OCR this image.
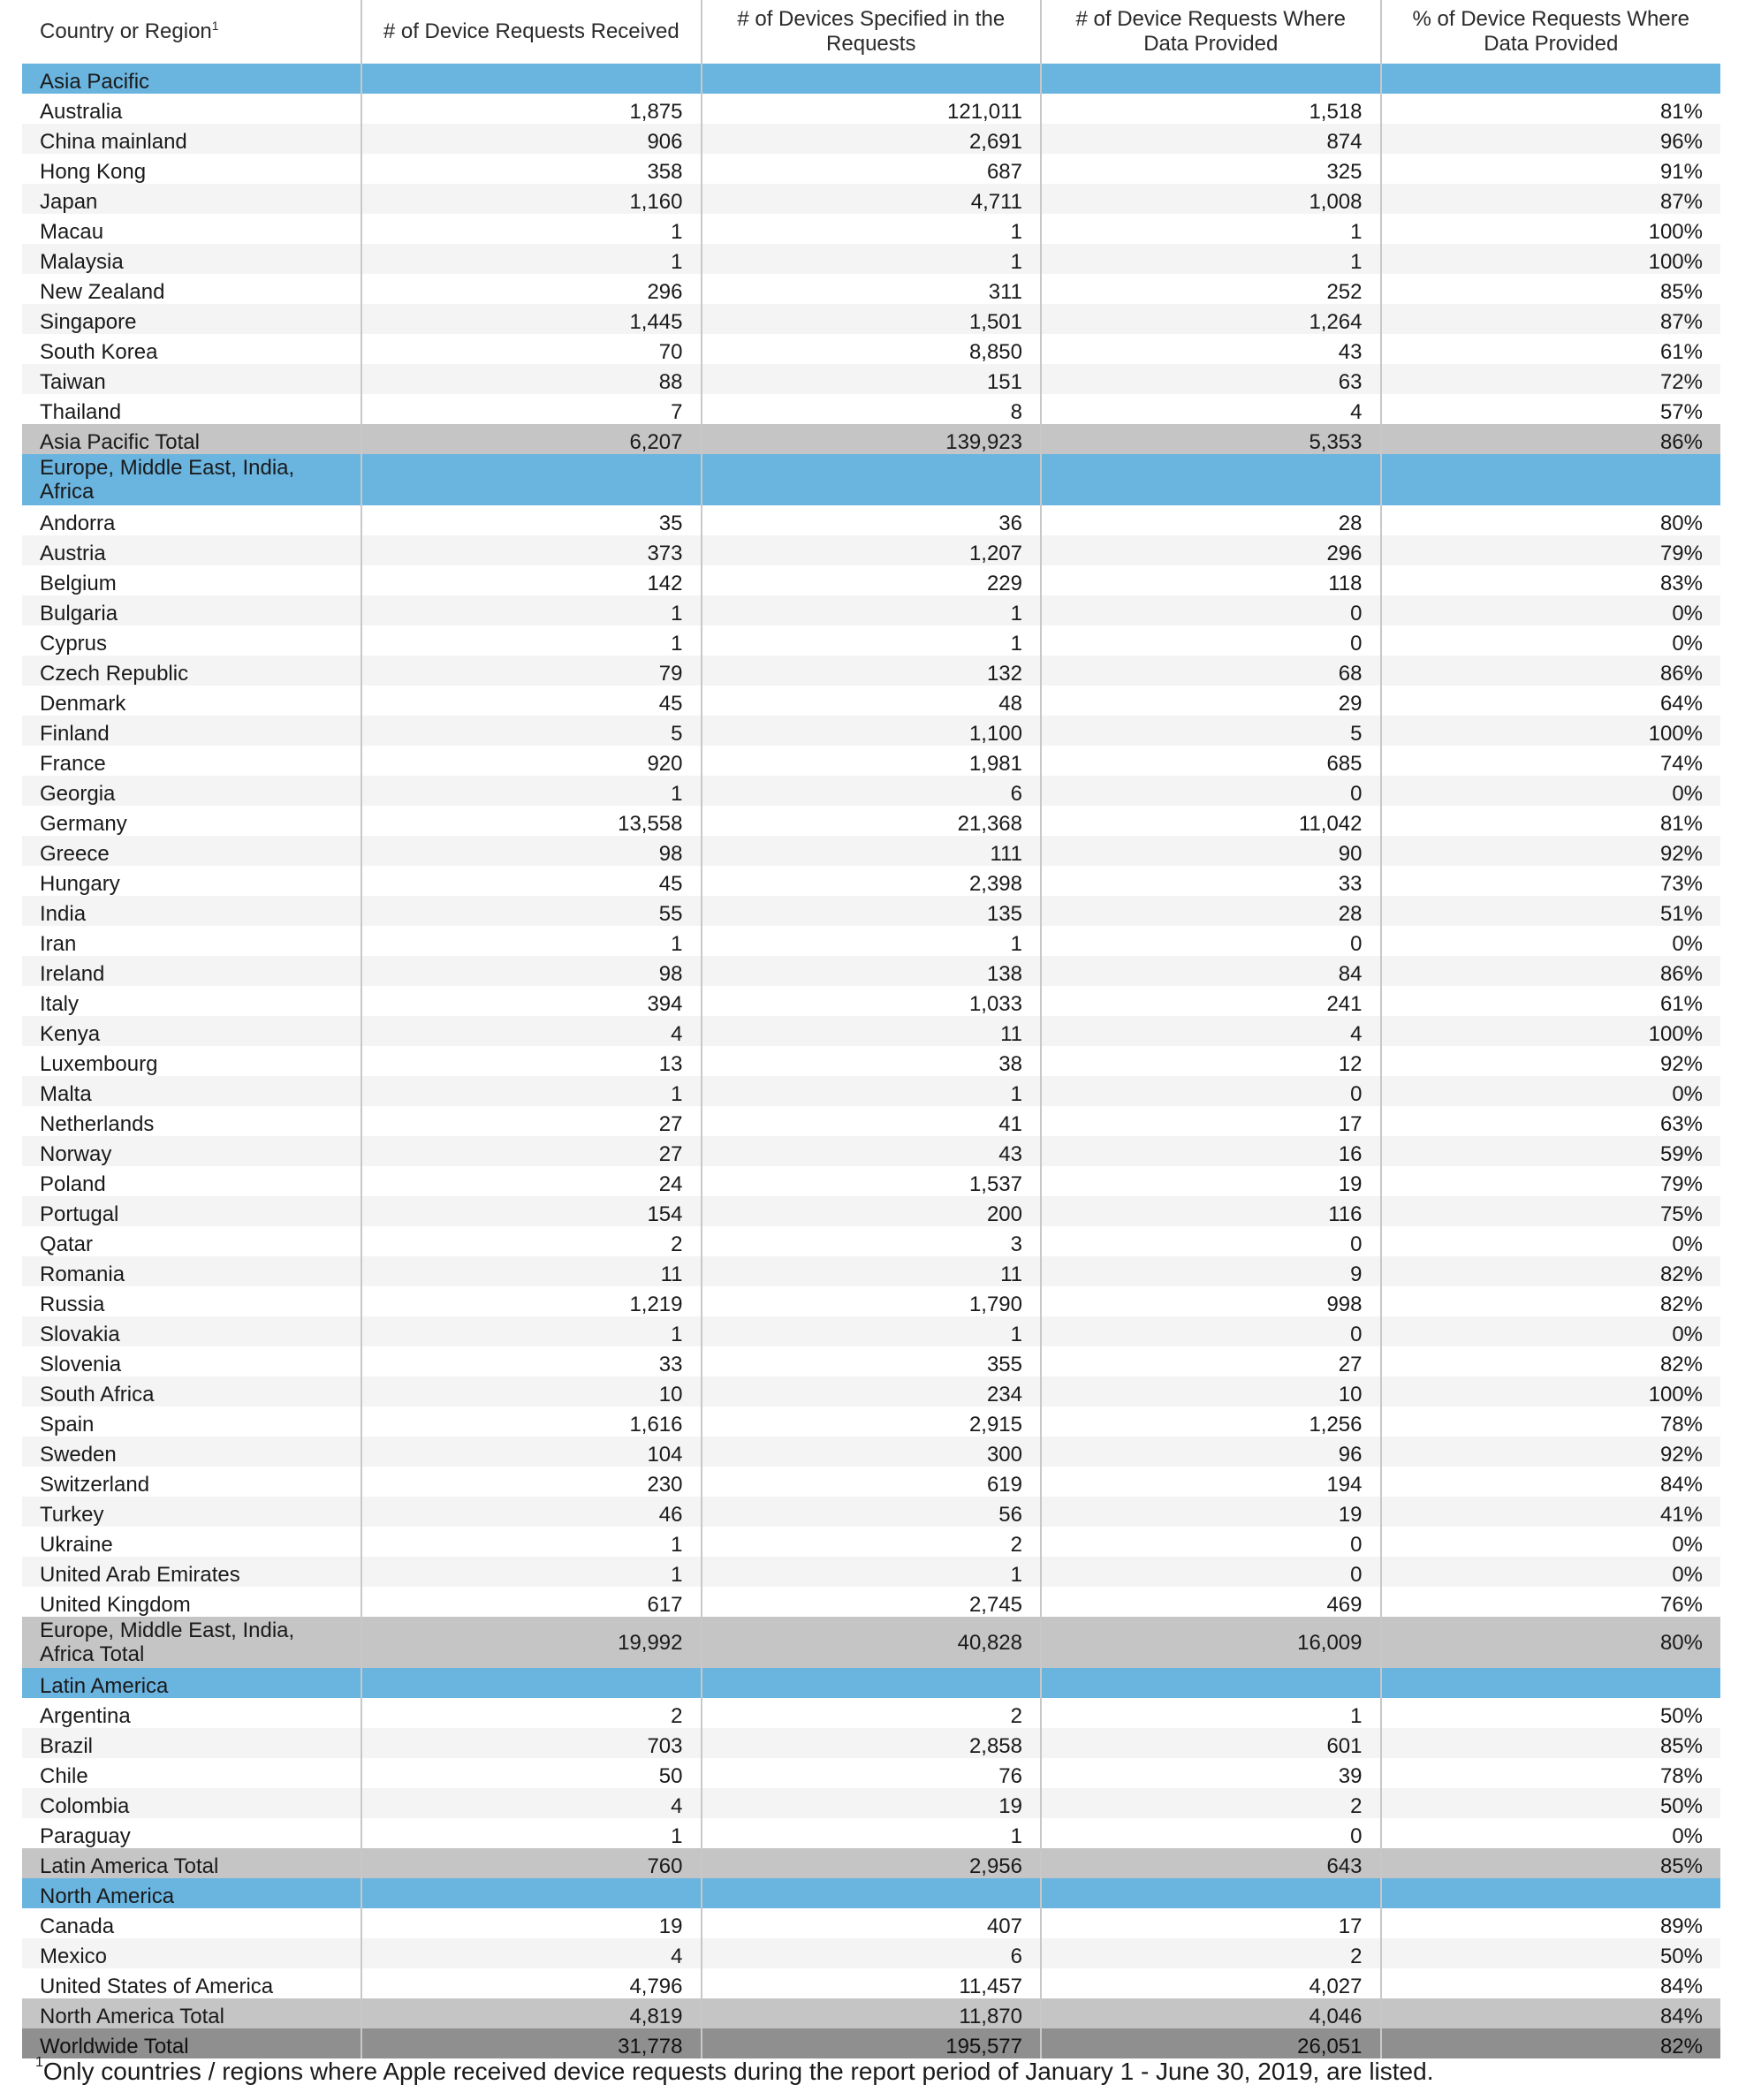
Country or Region$^1$	# of Device Requests Received	# of Devices Specified in the Requests	# of Device Requests Where Data Provided	% of Device Requests Where Data Provided
Asia Pacific				
Australia	1,875	121,011	1,518	81%
China mainland	906	2,691	874	96%
Hong Kong	358	687	325	91%
Japan	1,160	4,711	1,008	87%
Macau	1	1	1	100%
Malaysia	1	1	1	100%
New Zealand	296	311	252	85%
Singapore	1,445	1,501	1,264	87%
South Korea	70	8,850	43	61%
Taiwan	88	151	63	72%
Thailand	7	8	4	57%
Asia Pacific Total	6,207	139,923	5,353	86%
Europe, Middle East, India, Africa				
Andorra	35	36	28	80%
Austria	373	1,207	296	79%
Belgium	142	229	118	83%
Bulgaria	1	1	0	0%
Cyprus	1	1	0	0%
Czech Republic	79	132	68	86%
Denmark	45	48	29	64%
Finland	5	1,100	5	100%
France	920	1,981	685	74%
Georgia	1	6	0	0%
Germany	13,558	21,368	11,042	81%
Greece	98	111	90	92%
Hungary	45	2,398	33	73%
India	55	135	28	51%
Iran	1	1	0	0%
Ireland	98	138	84	86%
Italy	394	1,033	241	61%
Kenya	4	11	4	100%
Luxembourg	13	38	12	92%
Malta	1	1	0	0%
Netherlands	27	41	17	63%
Norway	27	43	16	59%
Poland	24	1,537	19	79%
Portugal	154	200	116	75%
Qatar	2	3	0	0%
Romania	11	11	9	82%
Russia	1,219	1,790	998	82%
Slovakia	1	1	0	0%
Slovenia	33	355	27	82%
South Africa	10	234	10	100%
Spain	1,616	2,915	1,256	78%
Sweden	104	300	96	92%
Switzerland	230	619	194	84%
Turkey	46	56	19	41%
Ukraine	1	2	0	0%
United Arab Emirates	1	1	0	0%
United Kingdom	617	2,745	469	76%
Europe, Middle East, India, Africa Total	19,992	40,828	16,009	80%
Latin America				
Argentina	2	2	1	50%
Brazil	703	2,858	601	85%
Chile	50	76	39	78%
Colombia	4	19	2	50%
Paraguay	1	1	0	0%
Latin America Total	760	2,956	643	85%
North America				
Canada	19	407	17	89%
Mexico	4	6	2	50%
United States of America	4,796	11,457	4,027	84%
North America Total	4,819	11,870	4,046	84%
Worldwide Total	31,778	195,577	26,051	82%
$^1$Only countries / regions where Apple received device requests during the report period of January 1 - June 30, 2019, are listed.
